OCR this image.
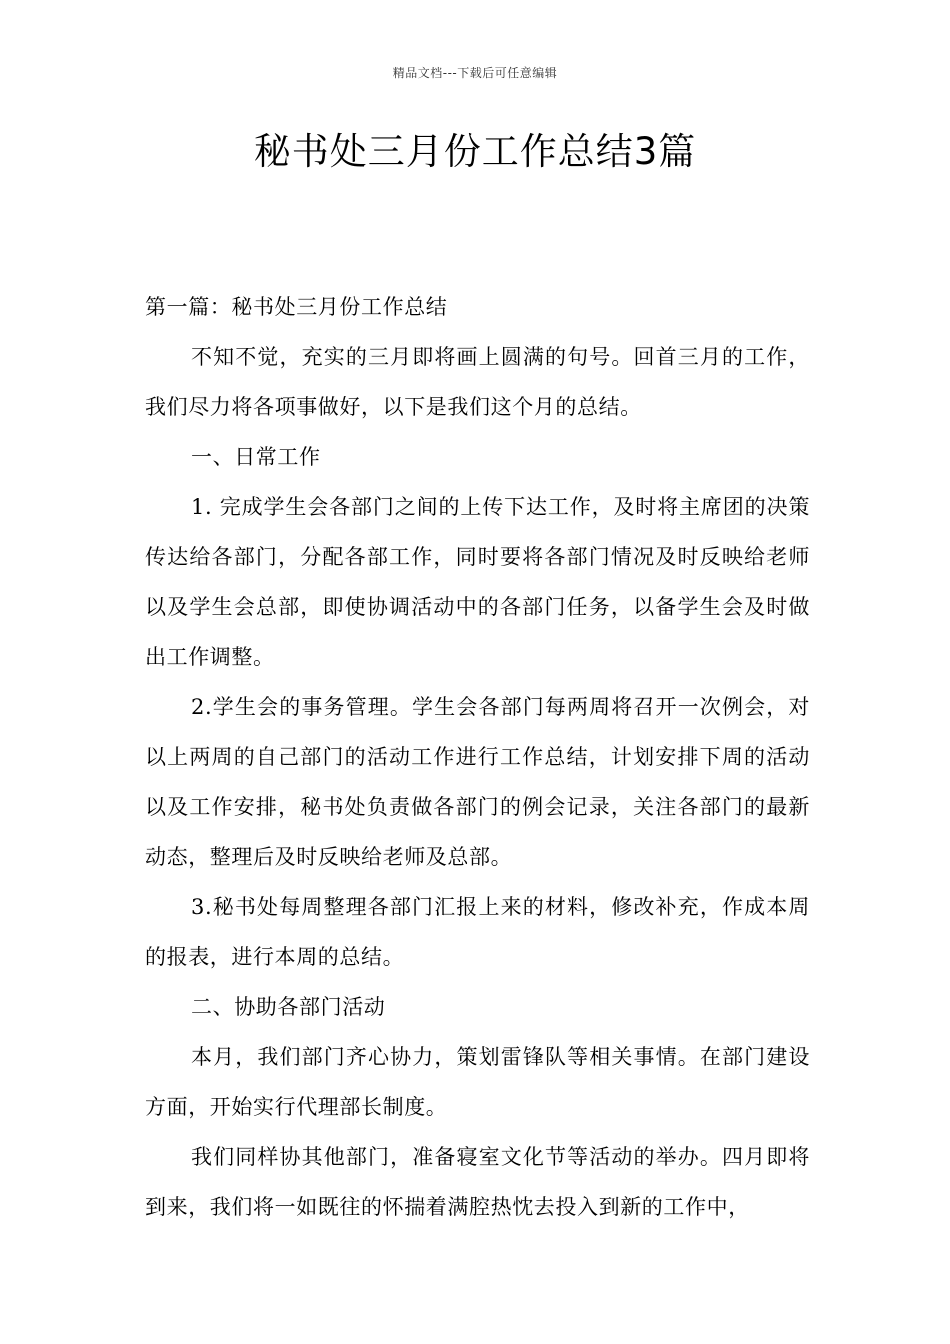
精品文档---下载后可任意编辑
秘书处三月份工作总结3篇

第一篇：秘书处三月份工作总结

不知不觉，充实的三月即将画上圆满的句号。回首三月的工作，我们尽力将各项事做好，以下是我们这个月的总结。

一、日常工作

1. 完成学生会各部门之间的上传下达工作，及时将主席团的决策传达给各部门，分配各部工作，同时要将各部门情况及时反映给老师以及学生会总部，即使协调活动中的各部门任务，以备学生会及时做出工作调整。

2.学生会的事务管理。学生会各部门每两周将召开一次例会，对以上两周的自己部门的活动工作进行工作总结，计划安排下周的活动以及工作安排，秘书处负责做各部门的例会记录，关注各部门的最新动态，整理后及时反映给老师及总部。

3.秘书处每周整理各部门汇报上来的材料，修改补充，作成本周的报表，进行本周的总结。

二、协助各部门活动

本月，我们部门齐心协力，策划雷锋队等相关事情。在部门建设方面，开始实行代理部长制度。

我们同样协其他部门，准备寝室文化节等活动的举办。四月即将到来，我们将一如既往的怀揣着满腔热忱去投入到新的工作中，
